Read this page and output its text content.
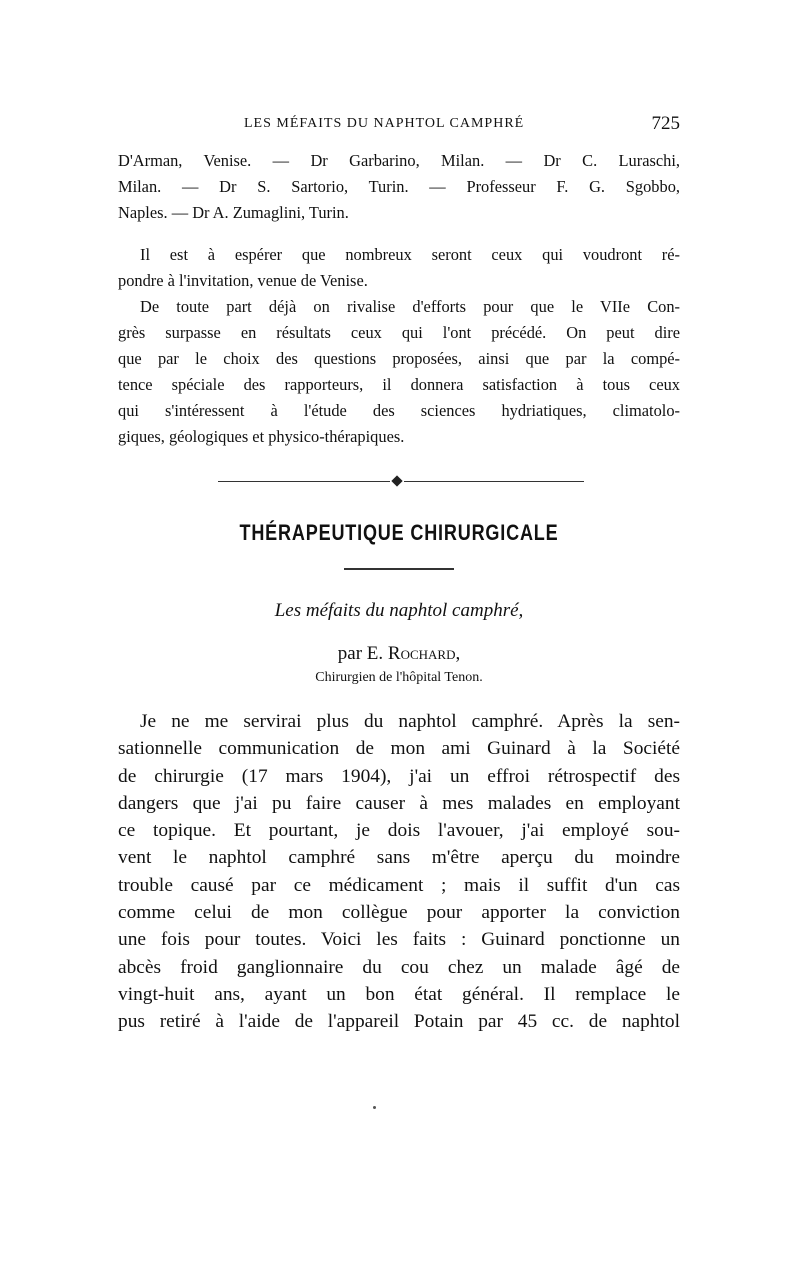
LES MÉFAITS DU NAPHTOL CAMPHRÉ	725
D'Arman, Venise. — Dr Garbarino, Milan. — Dr C. Luraschi,
Milan. — Dr S. Sartorio, Turin. — Professeur F. G. Sgobbo,
Naples. — Dr A. Zumaglini, Turin.
Il est à espérer que nombreux seront ceux qui voudront ré-
pondre à l'invitation, venue de Venise.
De toute part déjà on rivalise d'efforts pour que le VIIe Con-
grès surpasse en résultats ceux qui l'ont précédé. On peut dire
que par le choix des questions proposées, ainsi que par la compé-
tence spéciale des rapporteurs, il donnera satisfaction à tous ceux
qui s'intéressent à l'étude des sciences hydriatiques, climatolo-
giques, géologiques et physico-thérapiques.
THÉRAPEUTIQUE CHIRURGICALE
Les méfaits du naphtol camphré,
par E. Rochard,
Chirurgien de l'hôpital Tenon.
Je ne me servirai plus du naphtol camphré. Après la sen-
sationnelle communication de mon ami Guinard à la Société
de chirurgie (17 mars 1904), j'ai un effroi rétrospectif des
dangers que j'ai pu faire causer à mes malades en employant
ce topique. Et pourtant, je dois l'avouer, j'ai employé sou-
vent le naphtol camphré sans m'être aperçu du moindre
trouble causé par ce médicament ; mais il suffit d'un cas
comme celui de mon collègue pour apporter la conviction
une fois pour toutes. Voici les faits : Guinard ponctionne un
abcès froid ganglionnaire du cou chez un malade âgé de
vingt-huit ans, ayant un bon état général. Il remplace le
pus retiré à l'aide de l'appareil Potain par 45 cc. de naphtol
